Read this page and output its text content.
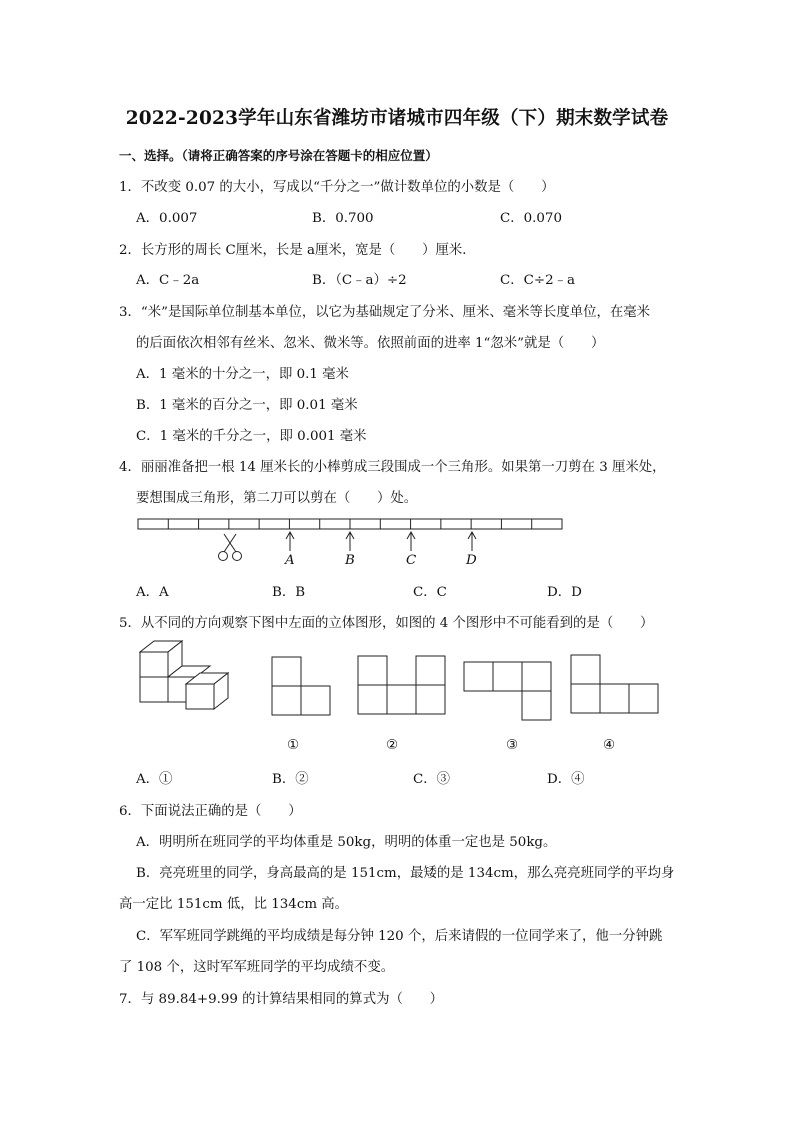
2022-2023学年山东省潍坊市诸城市四年级（下）期末数学试卷
一、选择。（请将正确答案的序号涂在答题卡的相应位置）
1．不改变 0.07 的大小，写成以“千分之一”做计数单位的小数是（　　）
A．0.007	B．0.700	C．0.070
2．长方形的周长 C厘米，长是 a厘米，宽是（　　）厘米．
A．C﹣2a	B．（C﹣a）÷2	C．C÷2﹣a
3．“米”是国际单位制基本单位，以它为基础规定了分米、厘米、毫米等长度单位，在毫米
的后面依次相邻有丝米、忽米、微米等。依照前面的进率 1“忽米”就是（　　）
A．1 毫米的十分之一，即 0.1 毫米
B．1 毫米的百分之一，即 0.01 毫米
C．1 毫米的千分之一，即 0.001 毫米
4．丽丽准备把一根 14 厘米长的小棒剪成三段围成一个三角形。如果第一刀剪在 3 厘米处，
要想围成三角形，第二刀可以剪在（　　）处。
A	B	C	D
A．A	B．B	C．C	D．D
5．从不同的方向观察下图中左面的立体图形，如图的 4 个图形中不可能看到的是（　　）
①	②	③	④
A．①	B．②	C．③	D．④
6．下面说法正确的是（　　）
A．明明所在班同学的平均体重是 50kg，明明的体重一定也是 50kg。
B．亮亮班里的同学，身高最高的是 151cm，最矮的是 134cm，那么亮亮班同学的平均身
高一定比 151cm 低，比 134cm 高。
C．军军班同学跳绳的平均成绩是每分钟 120 个，后来请假的一位同学来了，他一分钟跳
了 108 个，这时军军班同学的平均成绩不变。
7．与 89.84+9.99 的计算结果相同的算式为（　　）
